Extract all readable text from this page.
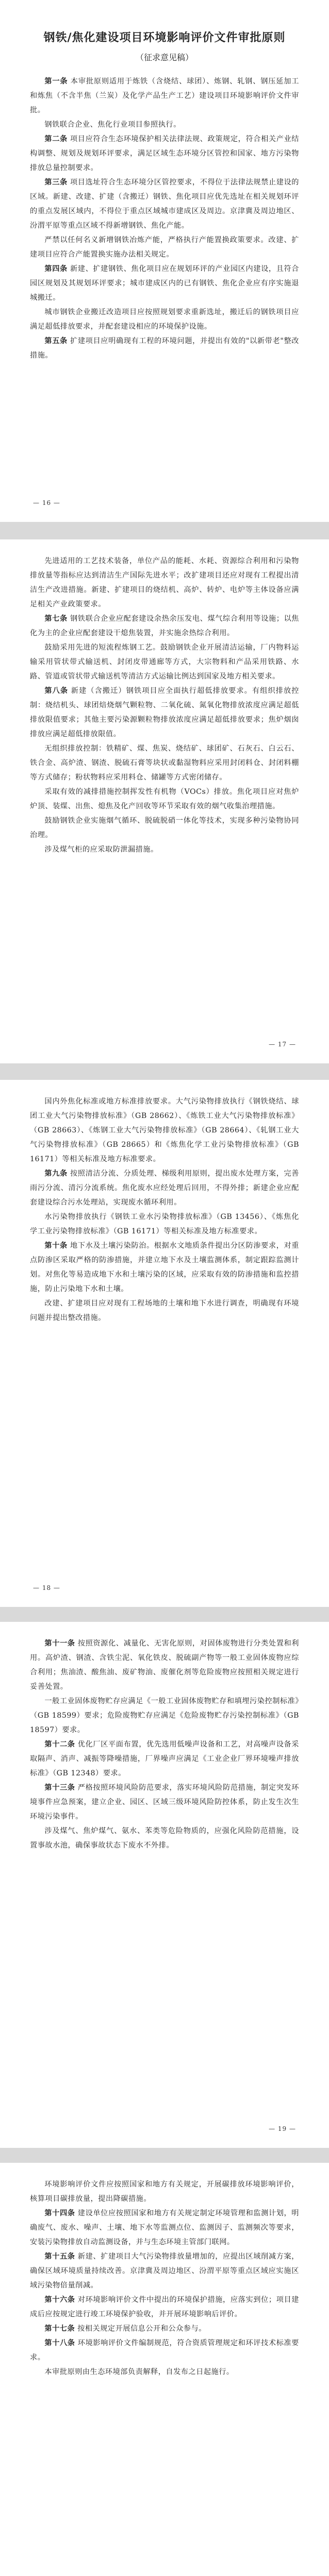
钢铁/焦化建设项目环境影响评价文件审批原则
（征求意见稿）

第一条 本审批原则适用于炼铁（含烧结、球团）、炼钢、轧钢、钢压延加工和炼焦（不含半焦（兰炭）及化学产品生产工艺）建设项目环境影响评价文件审批。

钢铁联合企业、焦化行业项目参照执行。

第二条 项目应符合生态环境保护相关法律法规、政策规定，符合相关产业结构调整、规划及规划环评要求，满足区域生态环境分区管控和国家、地方污染物排放总量控制要求。

第三条 项目选址符合生态环境分区管控要求，不得位于法律法规禁止建设的区域。新建、改建、扩建（含搬迁）钢铁、焦化项目应优先选址在相关规划环评的重点发展区域内，不得位于重点区域城市建成区及周边。京津冀及周边地区、汾渭平原等重点区域不得新增钢铁、焦化产能。

严禁以任何名义新增钢铁冶炼产能，严格执行产能置换政策要求。改建、扩建项目应符合产能置换实施办法相关规定。

第四条 新建、扩建钢铁、焦化项目应在规划环评的产业园区内建设，且符合园区规划及其规划环评要求；城市建成区内的已有钢铁、焦化企业应有序实施退城搬迁。

城市钢铁企业搬迁改造项目应按照规划要求重新选址，搬迁后的钢铁项目应满足超低排放要求，并配套建设相应的环境保护设施。

第五条 扩建项目应明确现有工程的环境问题，并提出有效的"以新带老"整改措施。

— 16 —

先进适用的工艺技术装备，单位产品的能耗、水耗、资源综合利用和污染物排放量等指标应达到清洁生产国际先进水平；改扩建项目还应对现有工程提出清洁生产改进措施。新建、扩建项目的烧结机、高炉、转炉、电炉等主体设备应满足相关产业政策要求。

第七条 钢铁联合企业应配套建设余热余压发电、煤气综合利用等设施；以焦化为主的企业应配套建设干熄焦装置，并实施余热综合利用。

鼓励采用先进的短流程炼钢工艺。鼓励钢铁企业开展清洁运输，厂内物料运输采用管状带式输送机、封闭皮带通廊等方式，大宗物料和产品采用铁路、水路、管道或管状带式输送机等清洁方式运输比例达到国家及地方相关要求。

第八条 新建（含搬迁）钢铁项目应全面执行超低排放要求。有组织排放控制：烧结机头、球团焙烧烟气颗粒物、二氧化硫、氮氧化物排放浓度应满足超低排放限值要求；其他主要污染源颗粒物排放浓度应满足超低排放要求；焦炉烟囱排放应满足超低排放限值。

无组织排放控制：铁精矿、煤、焦炭、烧结矿、球团矿、石灰石、白云石、铁合金、高炉渣、钢渣、脱硫石膏等块状或黏湿物料应采用封闭料仓、封闭料棚等方式储存；粉状物料应采用料仓、储罐等方式密闭储存。

采取有效的减排措施控制挥发性有机物（VOCs）排放。焦化项目应对焦炉炉顶、装煤、出焦、熄焦及化产回收等环节采取有效的烟气收集治理措施。

鼓励钢铁企业实施烟气循环、脱硫脱硝一体化等技术，实现多种污染物协同治理。

涉及煤气柜的应采取防泄漏措施。

— 17 —

国内外焦化标准或地方标准排放要求。大气污染物排放执行《钢铁烧结、球团工业大气污染物排放标准》（GB 28662）、《炼铁工业大气污染物排放标准》（GB 28663）、《炼钢工业大气污染物排放标准》（GB 28664）、《轧钢工业大气污染物排放标准》（GB 28665）和《炼焦化学工业污染物排放标准》（GB 16171）等相关标准及地方标准要求。

第九条 按照清洁分流、分质处理、梯级利用原则，提出废水处理方案，完善雨污分流、清污分流系统。焦化废水应经处理后回用，不得外排；新建企业应配套建设综合污水处理站，实现废水循环利用。

水污染物排放执行《钢铁工业水污染物排放标准》（GB 13456）、《炼焦化学工业污染物排放标准》（GB 16171）等相关标准及地方标准要求。

第十条 地下水及土壤污染防治。根据水文地质条件提出分区防渗要求，对重点防渗区采取严格的防渗措施，并建立地下水及土壤监测体系，制定跟踪监测计划。对焦化等易造成地下水和土壤污染的区域，应采取有效的防渗措施和监控措施，防止污染地下水和土壤。

改建、扩建项目应对现有工程场地的土壤和地下水进行调查，明确现有环境问题并提出整改措施。

— 18 —

第十一条 按照资源化、减量化、无害化原则，对固体废物进行分类处置和利用。高炉渣、钢渣、含铁尘泥、氧化铁皮、脱硫副产物等一般工业固体废物应综合利用；焦油渣、酸焦油、废矿物油、废催化剂等危险废物应按照相关规定进行妥善处置。

一般工业固体废物贮存应满足《一般工业固体废物贮存和填埋污染控制标准》（GB 18599）要求；危险废物贮存应满足《危险废物贮存污染控制标准》（GB 18597）要求。

第十二条 优化厂区平面布置，优先选用低噪声设备和工艺，对高噪声设备采取隔声、消声、减振等降噪措施，厂界噪声应满足《工业企业厂界环境噪声排放标准》（GB 12348）要求。

第十三条 严格按照环境风险防范要求，落实环境风险防范措施，制定突发环境事件应急预案，建立企业、园区、区域三级环境风险防控体系，防止发生次生环境污染事件。

涉及煤气、焦炉煤气、氨水、苯类等危险物质的，应强化风险防范措施，设置事故水池，确保事故状态下废水不外排。

— 19 —

环境影响评价文件应按照国家和地方有关规定，开展碳排放环境影响评价，核算项目碳排放量，提出降碳措施。

第十四条 建设单位应按照国家和地方有关规定制定环境管理和监测计划，明确废气、废水、噪声、土壤、地下水等监测点位、监测因子、监测频次等要求，安装污染物排放自动监测设备，并与生态环境主管部门联网。

第十五条 新建、扩建项目大气污染物排放量增加的，应提出区域削减方案，确保区域环境质量持续改善。京津冀及周边地区、汾渭平原等重点区域应实施区域污染物倍量削减。

第十六条 对环境影响评价文件中提出的环境保护措施，应落实到位；项目建成后应按规定进行竣工环境保护验收，并开展环境影响后评价。

第十七条 按相关规定开展信息公开和公众参与。

第十八条 环境影响评价文件编制规范，符合资质管理规定和环评技术标准要求。

本审批原则由生态环境部负责解释，自发布之日起施行。
